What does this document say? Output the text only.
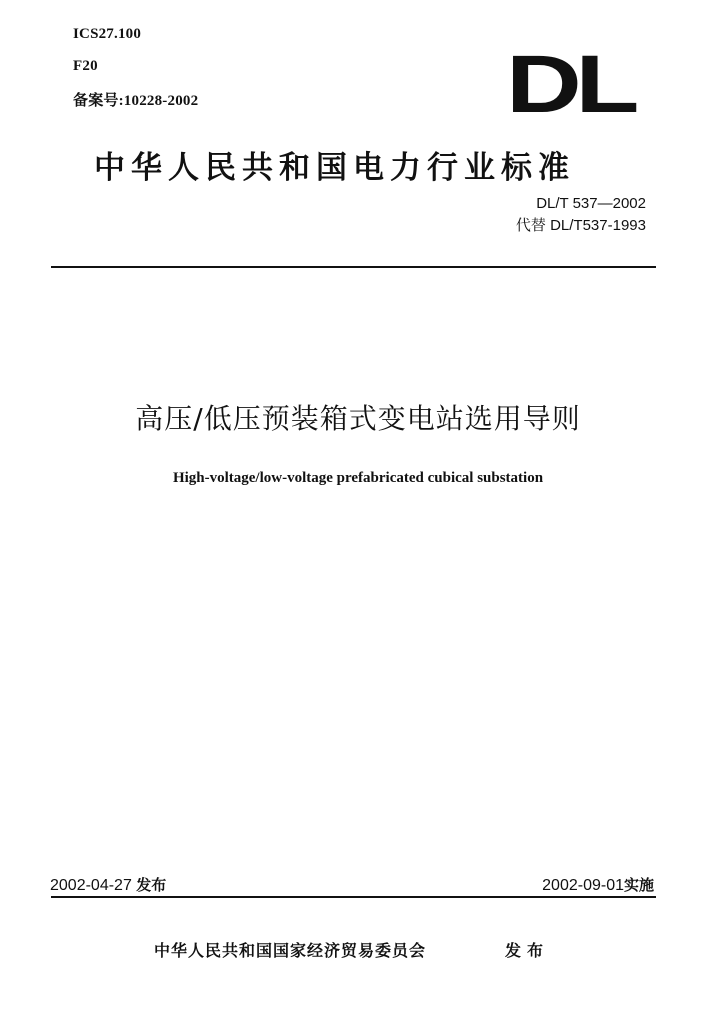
ICS27.100
F20
备案号:10228-2002	DL
中华人民共和国电力行业标准
DL/T 537—2002
代替 DL/T537-1993
高压/低压预装箱式变电站选用导则
High-voltage/low-voltage prefabricated cubical substation
2002-04-27 发布	2002-09-01实施
中华人民共和国国家经济贸易委员会	发布
